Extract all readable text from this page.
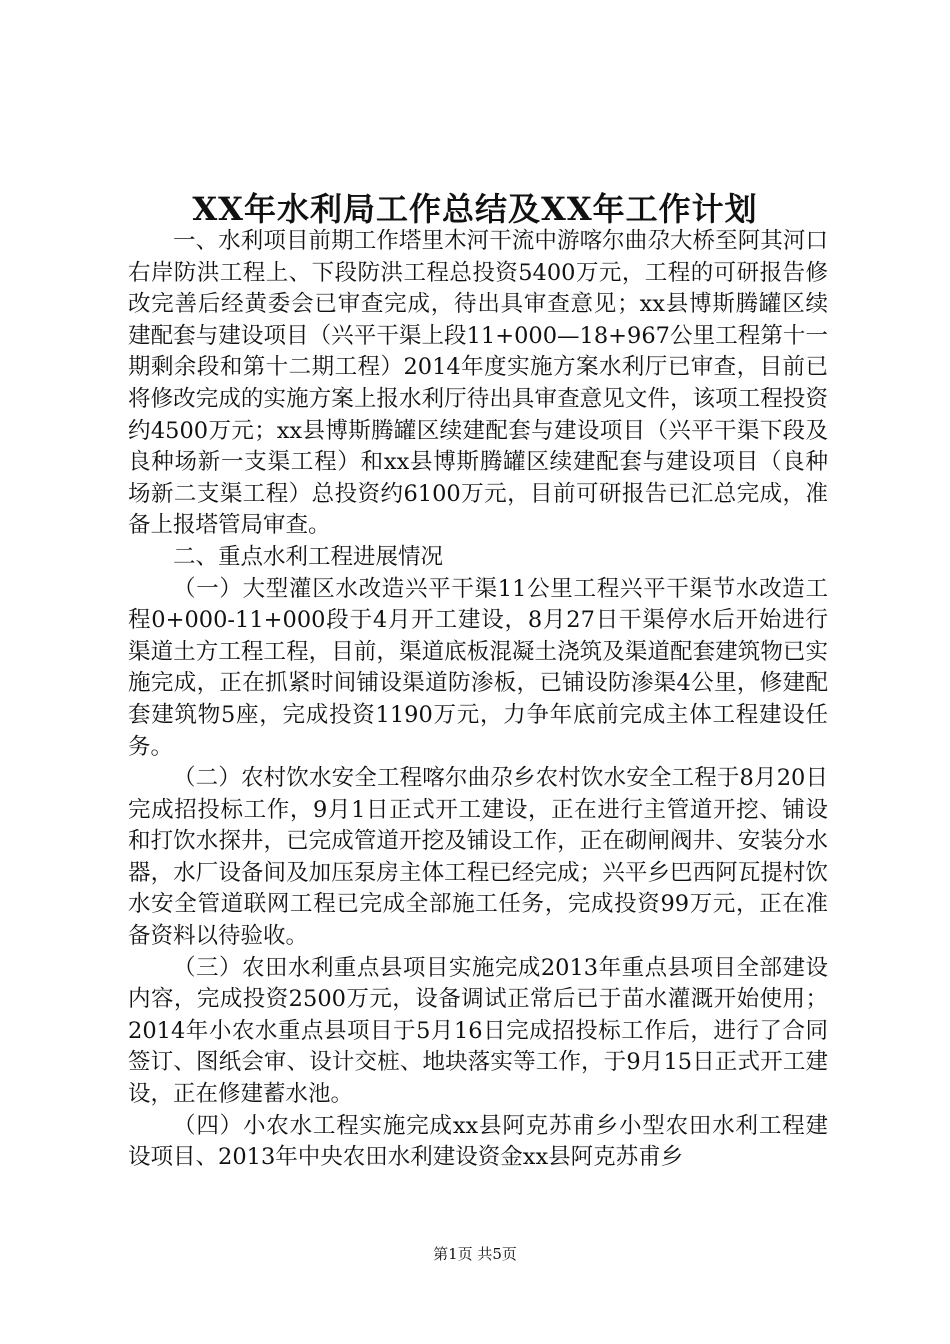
XX年水利局工作总结及XX年工作计划

一、水利项目前期工作塔里木河干流中游喀尔曲尕大桥至阿其河口右岸防洪工程上、下段防洪工程总投资5400万元，工程的可研报告修改完善后经黄委会已审查完成，待出具审查意见；xx县博斯腾罐区续建配套与建设项目（兴平干渠上段11+000—18+967公里工程第十一期剩余段和第十二期工程）2014年度实施方案水利厅已审查，目前已将修改完成的实施方案上报水利厅待出具审查意见文件，该项工程投资约4500万元；xx县博斯腾罐区续建配套与建设项目（兴平干渠下段及良种场新一支渠工程）和xx县博斯腾罐区续建配套与建设项目（良种场新二支渠工程）总投资约6100万元，目前可研报告已汇总完成，准备上报塔管局审查。

二、重点水利工程进展情况

（一）大型灌区水改造兴平干渠11公里工程兴平干渠节水改造工程0+000-11+000段于4月开工建设，8月27日干渠停水后开始进行渠道土方工程工程，目前，渠道底板混凝土浇筑及渠道配套建筑物已实施完成，正在抓紧时间铺设渠道防渗板，已铺设防渗渠4公里，修建配套建筑物5座，完成投资1190万元，力争年底前完成主体工程建设任务。

（二）农村饮水安全工程喀尔曲尕乡农村饮水安全工程于8月20日完成招投标工作，9月1日正式开工建设，正在进行主管道开挖、铺设和打饮水探井，已完成管道开挖及铺设工作，正在砌闸阀井、安装分水器，水厂设备间及加压泵房主体工程已经完成；兴平乡巴西阿瓦提村饮水安全管道联网工程已完成全部施工任务，完成投资99万元，正在准备资料以待验收。

（三）农田水利重点县项目实施完成2013年重点县项目全部建设内容，完成投资2500万元，设备调试正常后已于苗水灌溉开始使用；2014年小农水重点县项目于5月16日完成招投标工作后，进行了合同签订、图纸会审、设计交桩、地块落实等工作，于9月15日正式开工建设，正在修建蓄水池。

（四）小农水工程实施完成xx县阿克苏甫乡小型农田水利工程建设项目、2013年中央农田水利建设资金xx县阿克苏甫乡

第1页 共5页
